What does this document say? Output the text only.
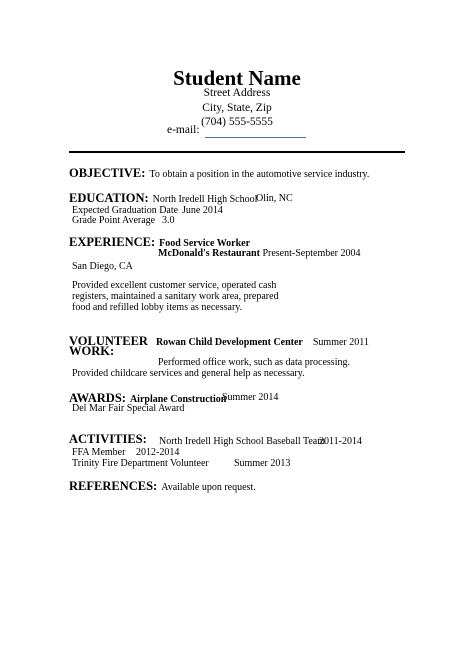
Student Name
Street Address
City, State, Zip
(704) 555-5555
e-mail:
OBJECTIVE: To obtain a position in the automotive service industry.
EDUCATION: North Iredell High School
Olin, NC
Expected Graduation Date June 2014
Grade Point Average 3.0
EXPERIENCE: Food Service Worker
McDonald's Restaurant Present-September 2004
San Diego, CA
Provided excellent customer service, operated cash
registers, maintained a sanitary work area, prepared
food and refilled lobby items as necessary.
VOLUNTEER Rowan Child Development Center Summer 2011
WORK:
Performed office work, such as data processing.
Provided childcare services and general help as necessary.
AWARDS: Airplane Construction
Summer 2014
Del Mar Fair Special Award
ACTIVITIES: North Iredell High School Baseball Team
2011-2014
FFA Member 2012-2014
Trinity Fire Department Volunteer	Summer 2013
REFERENCES: Available upon request.
